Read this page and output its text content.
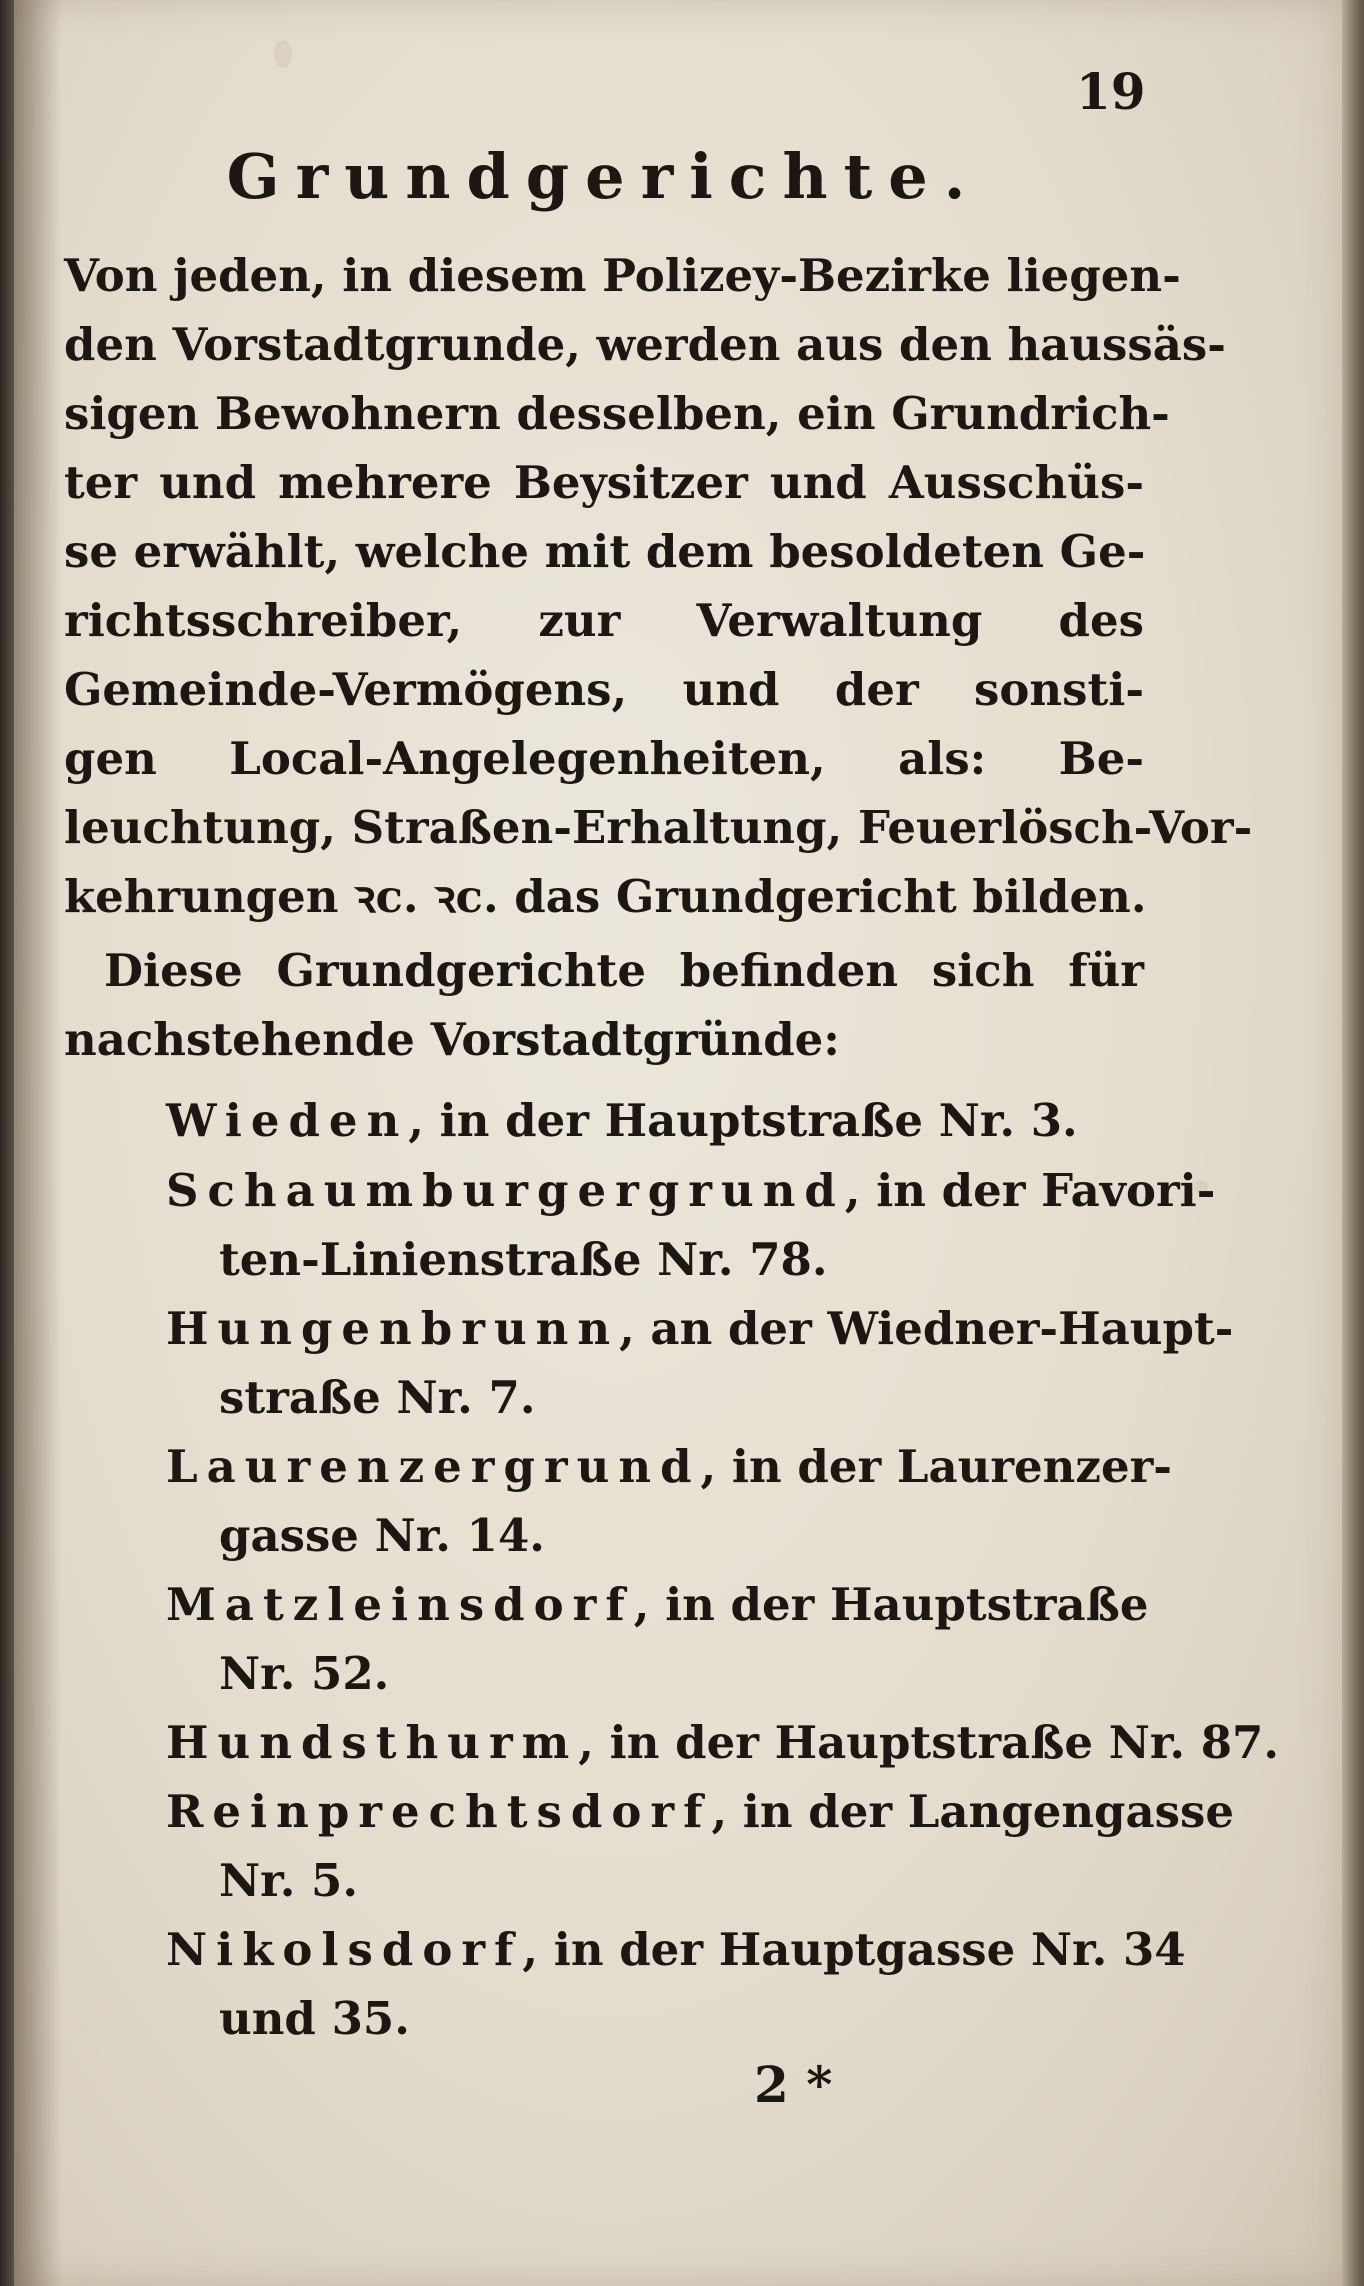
19
Grundgerichte.
Von jeden, in diesem Polizey-Bezirke liegen-
den Vorstadtgrunde, werden aus den haussäs-
sigen Bewohnern desselben, ein Grundrich-
ter und mehrere Beysitzer und Ausschüs-
se erwählt, welche mit dem besoldeten Ge-
richtsschreiber, zur Verwaltung des
Gemeinde-Vermögens, und der sonsti-
gen Local-Angelegenheiten, als: Be-
leuchtung, Straßen-Erhaltung, Feuerlösch-Vor-
kehrungen ꝛc. ꝛc. das Grundgericht bilden.
Diese Grundgerichte befinden sich für
nachstehende Vorstadtgründe:
Wieden, in der Hauptstraße Nr. 3.
Schaumburgergrund, in der Favori-
ten-Linienstraße Nr. 78.
Hungenbrunn, an der Wiedner-Haupt-
straße Nr. 7.
Laurenzergrund, in der Laurenzer-
gasse Nr. 14.
Matzleinsdorf, in der Hauptstraße
Nr. 52.
Hundsthurm, in der Hauptstraße Nr. 87.
Reinprechtsdorf, in der Langengasse
Nr. 5.
Nikolsdorf, in der Hauptgasse Nr. 34
und 35.
2 *
